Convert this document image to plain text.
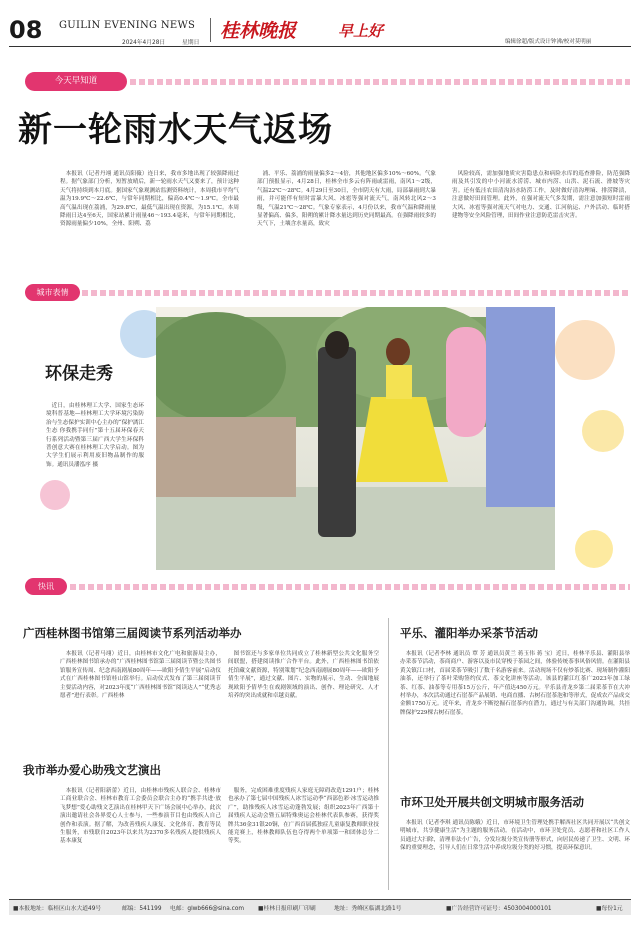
08 GUILIN EVENING NEWS
2024年4月28日	星期日
桂林晚报	早上好
编辑徐超/版式设计钟沸/校对莫明丽
今天早知道
新一轮雨水天气返场

本报讯（记者丹翊 通讯员阳薇）连日来，我市多地出现了较强降雨过程。据气象部门分析，短暂放晴后，新一轮雨水天气又要来了，预计这种天气将持续到本月底。据国家气象观测站监测资料统计，本周我市平均气温为19.9℃～22.6℃，与常年同期相比，偏高0.4℃～1.9℃。全市最高气温出现在荔浦，为29.8℃，最低气温出现在资源，为15.1℃。本周降雨日达4至6天，国家站累计雨量46～193.4毫米，与常年同期相比，资源雨量偏少10%，全州、阳朔、荔

浦、平乐、荔浦的雨量偏多2～4倍，其他地区偏多10%～60%。气象部门预报显示，4月28日，桂林全市多云有阵雨或雷雨，南风1～2级，气温22℃～28℃。4月29日至30日，全市阴天有大雨，局部暴雨到大暴雨，并可能伴有短时雷暴大风、冰雹等强对流天气，南风转北风2～3级，气温21℃～28℃。气象专家表示，4月份以来，我市气温和降雨量显著偏高、偏多，阳朔的累计降水量达到历史同期最高。在强降雨较多的天气下，土壤含水量高，致灾

风险较高，需加强地质灾害隐患点和病险水库的巡查排险，防范强降雨及其引发的中小河流水涝涝、城市内涝、山洪、泥石流、滑坡等灾害。还有低洼农田清沟沥水防涝工作，及时做好清沟理墒、排涝降渍，注意做好田间管理。此外，在强对流天气多发期，需注意加强短时雷雨大风、冰雹等强对流天气对电力、交通、江河航运、户外活动、临时搭建物等安全风险管理，田间作业注意防范雷击灾害。

城市表情
环保走秀

近日，由桂林理工大学、国家生态环境科普基地—桂林理工大学环境污染防治与生态保护实训中心主办的“保护漓江生态 你我携手同行”第十五届环保春天行系列活动暨第三届广西大学生环保科普创意大赛在桂林理工大学启动。图为大学生们展示利用废旧物品制作的服饰。通讯员潘泓序 摄

快讯
广西桂林图书馆第三届阅读节系列活动举办

本报讯（记者马翊）近日，由桂林市文化广电和旅游局主办，广西桂林图书馆承办的“广西桂林图书馆第三届阅读节暨公共图书馆服务宣传周、纪念西南剧展80周年——欧阳予倩生平展”启动仪式在广西桂林图书馆桂山馆举行。启动仪式发布了第三届阅读节主要活动内容，对2023年度“广西桂林图书馆“阅读达人”“优秀志愿者”进行表彰。广西桂林

图书馆还与多家单位共同成立了桂林新型公共文化服务空间联盟，搭建阅读推广合作平台。此外，广西桂林图书馆依托馆藏文献资源，特别策划“纪念西南剧展80周年——欧阳予倩生平展”，通过文献、图片、实物的展示，生动、全面地展现欧阳予倩毕生在戏剧领域的演出、创作、理论研究、人才培养的突出成就和卓越贡献。

我市举办爱心助残文艺演出

本报讯（记者阳新蕾）近日，由桂林市残疾人联合会、桂林市工商业联合会、桂林市教育工会委员会联合主办的“携手共进·放飞梦想”爱心助残文艺演出在桂林甲天下广场会展中心举办，此次演出邀请社会各界爱心人士参与，一些参演节目也由残疾人自己创作和表演。据了解，为改善残疾人康复、文化体育、教育等民生服务，市残联自2023年以来共为2370多名残疾人提供残疾人基本康复

服务，完成困难重度残疾人家庭无障碍改造1291户；桂林也承办了第七届中国残疾人冰雪运动季“西部色彩·冰雪运动推广”，助推残疾人冰雪运动蓬勃发展；组织2023年广西第十届残疾人运动会暨五届特殊奥运会桂林代表队参赛，获得奖牌共36金31银20铜，在广西首届孤独症儿童康复教师职业技能竞赛上，桂林教师队伍也夺得两个单项第一和团体总分二等奖。

平乐、灌阳举办采茶节活动

本报讯（记者李林 通讯员 覃 芳 通讯员黄兰 蒋玉伟 蒋 宝）近日，桂林平乐县、灌阳县举办采茶节活动，茶商商户、游客以及市民穿梭于茶园之间，体验传统茶事风俗风情。在灌阳县黄关镇江口村，首届采茶节吸引了数千名游客前来。活动现场不仅有炒茶比赛、现场制作灌阳油茶，还举行了茶叶采购签约仪式、茶文化讲座等活动。该县的灌江红茶广2023年加工绿茶、红茶、油茶等专用茶15万公斤，年产值达450万元。平乐县青龙乡第二届采茶节在大冲村举办，本次活动通过石崖茶产品展销、电商直播、古树石崖茶泡和等形式，促成农产品成交金额1750万元。近年来，青龙乡不断挖掘石崖茶内在潜力，通过与有关部门沟通协调，共挂牌保护229棵古树石崖茶。

市环卫处开展共创文明城市服务活动

本报讯（记者李琪 通讯员陈娥）近日，市环境卫生管理处携手解西社区共同开展以“共创文明城市，共享健康生活”为主题的服务活动。在活动中，市环卫处党员、志愿者和社区工作人员通过大扫除，清理非法小广告，分发垃圾分类宣传册等形式，向居民传递了卫生、文明、环保的重要理念，引导人们在日常生活中养成垃圾分类的好习惯，提高环保意识。

■本报地址：临桂区山水大道49号	邮编：541199 电邮：glwb666@sina.com ■桂林日报印刷厂印刷	地址：秀峰区临湖北路1号	■广告经营许可证号：4503004000101	■每份1元
